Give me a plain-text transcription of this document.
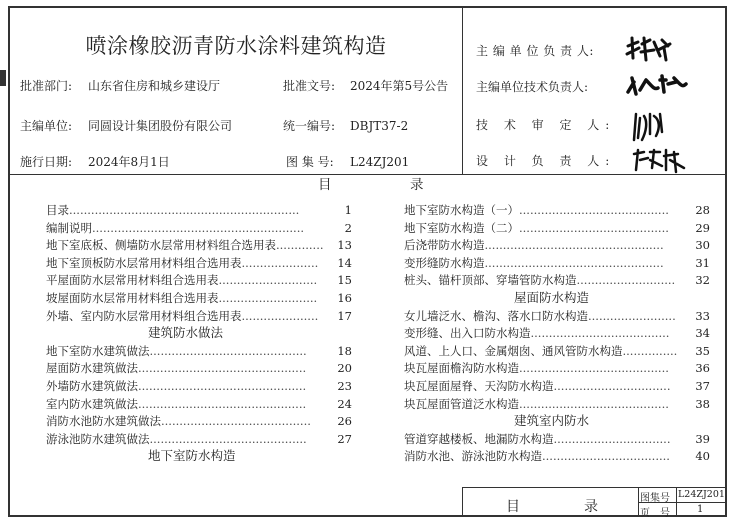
喷涂橡胶沥青防水涂料建筑构造
批准部门: 山东省住房和城乡建设厅	批准文号: 2024年第5号公告
主编单位: 同圆设计集团股份有限公司	统一编号: DBJT37-2
施行日期: 2024年8月1日	图 集 号: L24ZJ201
主 编 单 位 负 责 人:
主编单位技术负责人:
技 术 审 定 人:
设 计 负 责 人:
目	录
目录...............................................................	1
编制说明..........................................................	2
地下室底板、侧墙防水层常用材料组合选用表............. 13
地下室顶板防水层常用材料组合选用表..................... 14
平屋面防水层常用材料组合选用表........................... 15
坡屋面防水层常用材料组合选用表........................... 16
外墙、室内防水层常用材料组合选用表..................... 17
建筑防水做法
地下室防水建筑做法...........................................	18
屋面防水建筑做法..............................................	20
外墙防水建筑做法..............................................	23
室内防水建筑做法..............................................	24
消防水池防水建筑做法......................................... 26
游泳池防水建筑做法...........................................	27
地下室防水构造
地下室防水构造（一）......................................... 28
地下室防水构造（二）......................................... 29
后浇带防水构造.................................................	30
变形缝防水构造.................................................	31
桩头、锚杆顶部、穿墙管防水构造........................... 32
屋面防水构造
女儿墙泛水、檐沟、落水口防水构造........................ 33
变形缝、出入口防水构造...................................... 34
风道、上人口、金属烟囱、通风管防水构造............... 35
块瓦屋面檐沟防水构造......................................... 36
块瓦屋面屋脊、天沟防水构造................................ 37
块瓦屋面管道泛水构造......................................... 38
建筑室内防水
管道穿越楼板、地漏防水构造................................ 39
消防水池、游泳池防水构造................................... 40
目	录
图集号 L24ZJ201
页　号	1
